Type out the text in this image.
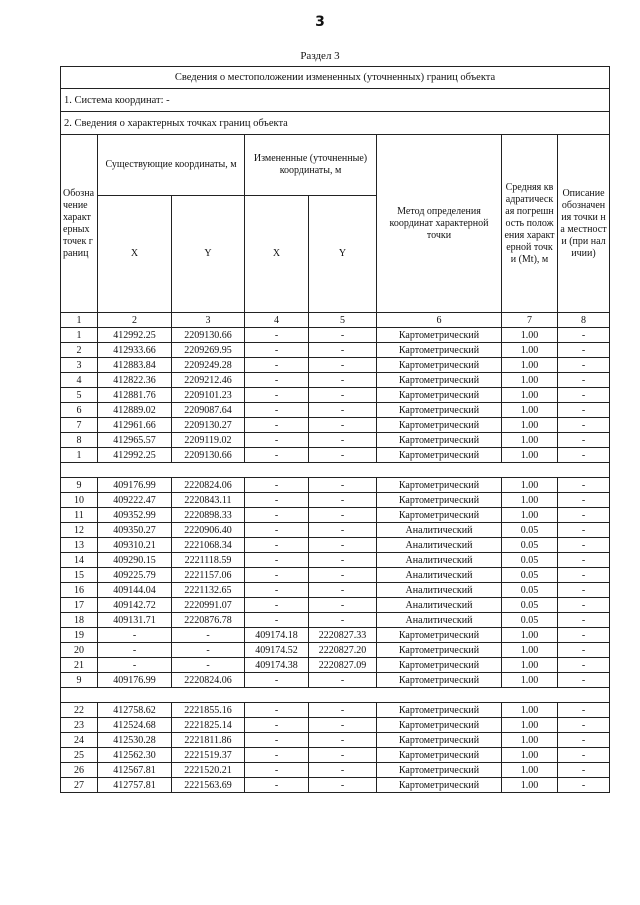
3
Раздел 3
Сведения о местоположении измененных (уточненных) границ объекта							
1. Система координат: -							
2. Сведения о характерных точках границ объекта							
Обозначение характерных точек границ	Существующие координаты, м		Измененные (уточненные) координаты, м		Метод определения координат характерной точки	Средняя квадратическая погрешность положения характерной точки (Mt), м	Описание обозначения точки на местности (при наличии)
	X	Y	X	Y			
1	2	3	4	5	6	7	8
1	412992.25	2209130.66	-	-	Картометрический	1.00	-
2	412933.66	2209269.95	-	-	Картометрический	1.00	-
3	412883.84	2209249.28	-	-	Картометрический	1.00	-
4	412822.36	2209212.46	-	-	Картометрический	1.00	-
5	412881.76	2209101.23	-	-	Картометрический	1.00	-
6	412889.02	2209087.64	-	-	Картометрический	1.00	-
7	412961.66	2209130.27	-	-	Картометрический	1.00	-
8	412965.57	2209119.02	-	-	Картометрический	1.00	-
1	412992.25	2209130.66	-	-	Картометрический	1.00	-

9	409176.99	2220824.06	-	-	Картометрический	1.00	-
10	409222.47	2220843.11	-	-	Картометрический	1.00	-
11	409352.99	2220898.33	-	-	Картометрический	1.00	-
12	409350.27	2220906.40	-	-	Аналитический	0.05	-
13	409310.21	2221068.34	-	-	Аналитический	0.05	-
14	409290.15	2221118.59	-	-	Аналитический	0.05	-
15	409225.79	2221157.06	-	-	Аналитический	0.05	-
16	409144.04	2221132.65	-	-	Аналитический	0.05	-
17	409142.72	2220991.07	-	-	Аналитический	0.05	-
18	409131.71	2220876.78	-	-	Аналитический	0.05	-
19	-	-	409174.18	2220827.33	Картометрический	1.00	-
20	-	-	409174.52	2220827.20	Картометрический	1.00	-
21	-	-	409174.38	2220827.09	Картометрический	1.00	-
9	409176.99	2220824.06	-	-	Картометрический	1.00	-

22	412758.62	2221855.16	-	-	Картометрический	1.00	-
23	412524.68	2221825.14	-	-	Картометрический	1.00	-
24	412530.28	2221811.86	-	-	Картометрический	1.00	-
25	412562.30	2221519.37	-	-	Картометрический	1.00	-
26	412567.81	2221520.21	-	-	Картометрический	1.00	-
27	412757.81	2221563.69	-	-	Картометрический	1.00	-
